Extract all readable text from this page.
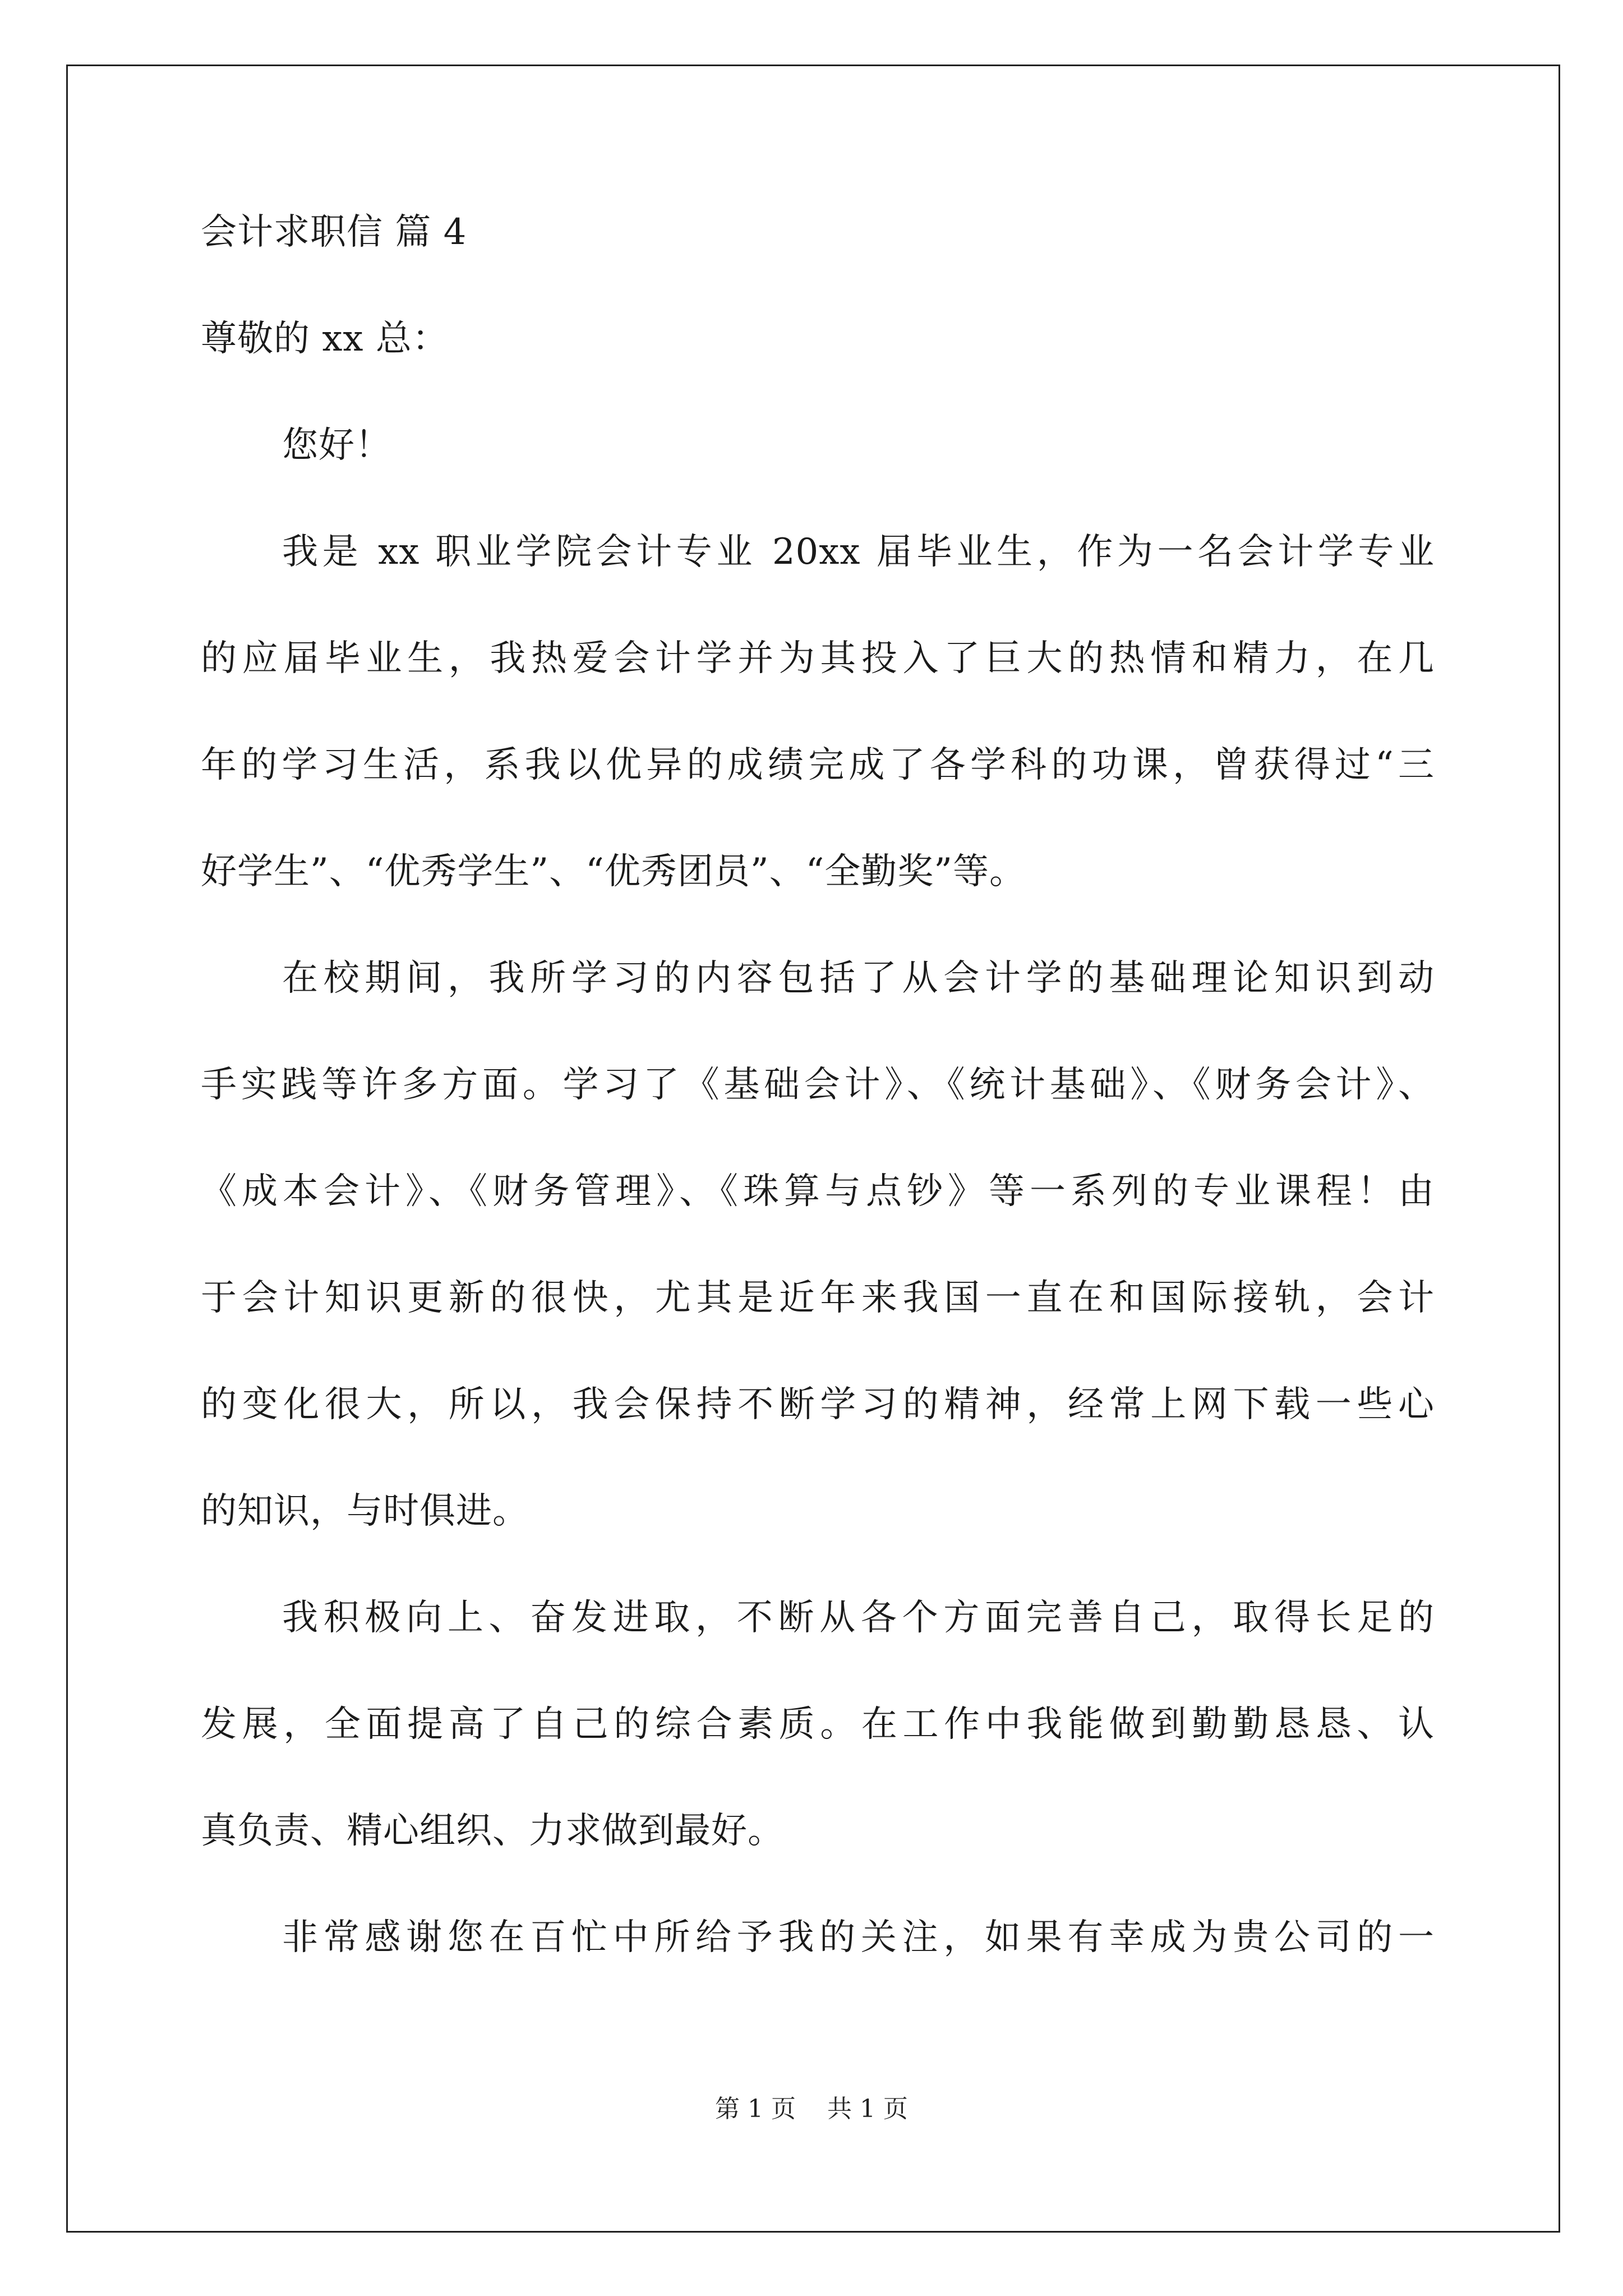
会计求职信 篇 4
尊敬的 xx 总：
您好！
我是 xx 职业学院会计专业 20xx 届毕业生，作为一名会计学专业
的应届毕业生，我热爱会计学并为其投入了巨大的热情和精力，在几
年的学习生活，系我以优异的成绩完成了各学科的功课，曾获得过“三
好学生”、“优秀学生”、“优秀团员”、“全勤奖”等。
在校期间，我所学习的内容包括了从会计学的基础理论知识到动
手实践等许多方面。学习了《基础会计》、《统计基础》、《财务会计》、
《成本会计》、《财务管理》、《珠算与点钞》等一系列的专业课程！由
于会计知识更新的很快，尤其是近年来我国一直在和国际接轨，会计
的变化很大，所以，我会保持不断学习的精神，经常上网下载一些心
的知识，与时俱进。
我积极向上、奋发进取，不断从各个方面完善自己，取得长足的
发展，全面提高了自己的综合素质。在工作中我能做到勤勤恳恳、认
真负责、精心组织、力求做到最好。
非常感谢您在百忙中所给予我的关注，如果有幸成为贵公司的一
第 1 页    共 1 页
